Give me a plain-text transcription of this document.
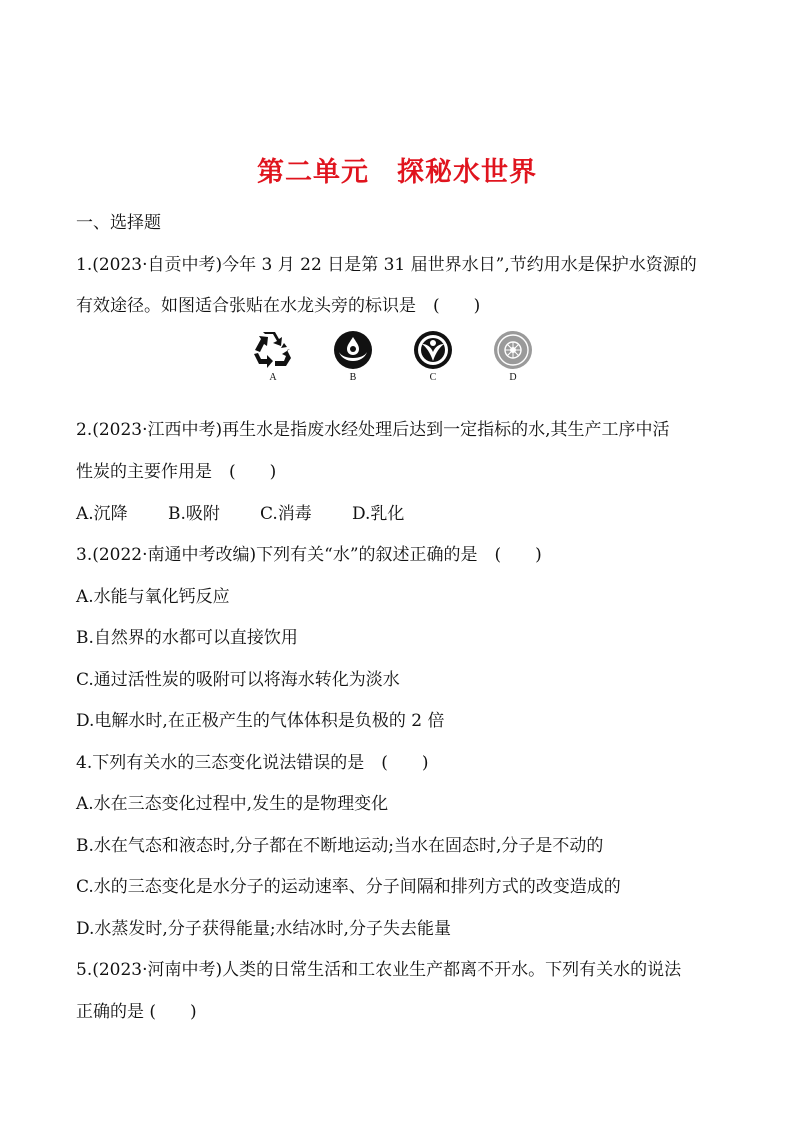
第二单元　探秘水世界
一、选择题
1.(2023·自贡中考)今年 3 月 22 日是第 31 届世界水日”,节约用水是保护水资源的
有效途径。如图适合张贴在水龙头旁的标识是　(　　)
A	B	C	D
2.(2023·江西中考)再生水是指废水经处理后达到一定指标的水,其生产工序中活
性炭的主要作用是　(　　)
A.沉降 B.吸附 C.消毒 D.乳化
3.(2022·南通中考改编)下列有关“水”的叙述正确的是　(　　)
A.水能与氧化钙反应
B.自然界的水都可以直接饮用
C.通过活性炭的吸附可以将海水转化为淡水
D.电解水时,在正极产生的气体体积是负极的 2 倍
4.下列有关水的三态变化说法错误的是　(　　)
A.水在三态变化过程中,发生的是物理变化
B.水在气态和液态时,分子都在不断地运动;当水在固态时,分子是不动的
C.水的三态变化是水分子的运动速率、分子间隔和排列方式的改变造成的
D.水蒸发时,分子获得能量;水结冰时,分子失去能量
5.(2023·河南中考)人类的日常生活和工农业生产都离不开水。下列有关水的说法
正确的是 (　　)
